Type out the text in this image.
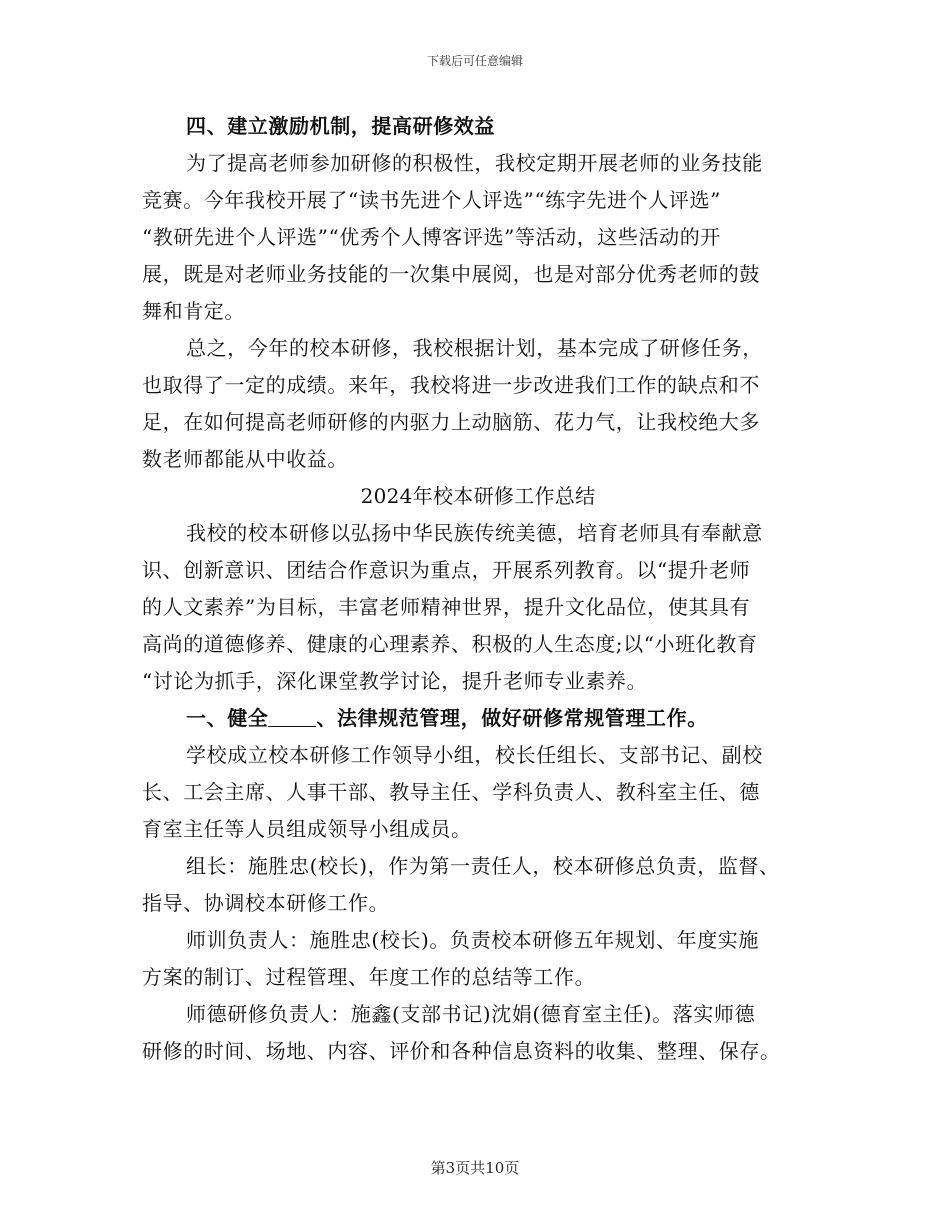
下载后可任意编辑
四、建立激励机制，提高研修效益
为了提高老师参加研修的积极性，我校定期开展老师的业务技能
竞赛。今年我校开展了“读书先进个人评选”“练字先进个人评选”
“教研先进个人评选”“优秀个人博客评选”等活动，这些活动的开
展，既是对老师业务技能的一次集中展阅，也是对部分优秀老师的鼓
舞和肯定。
总之，今年的校本研修，我校根据计划，基本完成了研修任务，
也取得了一定的成绩。来年，我校将进一步改进我们工作的缺点和不
足，在如何提高老师研修的内驱力上动脑筋、花力气，让我校绝大多
数老师都能从中收益。
2024年校本研修工作总结
我校的校本研修以弘扬中华民族传统美德，培育老师具有奉献意
识、创新意识、团结合作意识为重点，开展系列教育。以“提升老师
的人文素养”为目标，丰富老师精神世界，提升文化品位，使其具有
高尚的道德修养、健康的心理素养、积极的人生态度;以“小班化教育
“讨论为抓手，深化课堂教学讨论，提升老师专业素养。
一、健全 、法律规范管理，做好研修常规管理工作。
学校成立校本研修工作领导小组，校长任组长、支部书记、副校
长、工会主席、人事干部、教导主任、学科负责人、教科室主任、德
育室主任等人员组成领导小组成员。
组长：施胜忠(校长)，作为第一责任人，校本研修总负责，监督、
指导、协调校本研修工作。
师训负责人：施胜忠(校长)。负责校本研修五年规划、年度实施
方案的制订、过程管理、年度工作的总结等工作。
师德研修负责人：施鑫(支部书记)沈娟(德育室主任)。落实师德
研修的时间、场地、内容、评价和各种信息资料的收集、整理、保存。
第3页共10页
